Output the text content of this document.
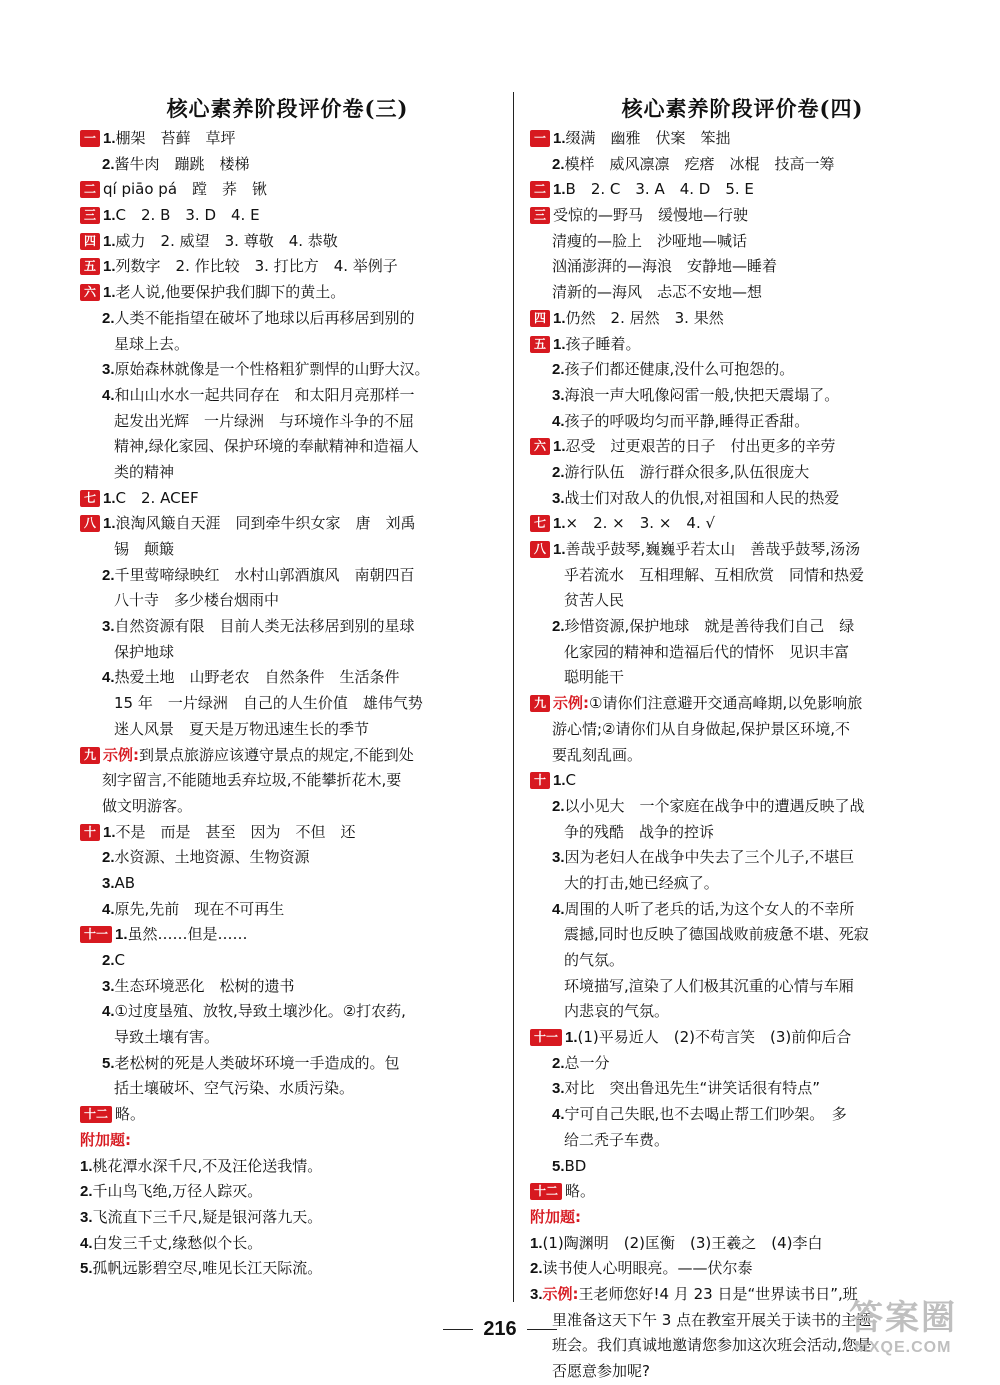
核心素养阶段评价卷(三)
一 1.棚架　苔藓　草坪
2.酱牛肉　蹦跳　楼梯
二 qí piāo pá　蹚　荞　锹
三 1.C　2. B　3. D　4. E
四 1.威力　2. 威望　3. 尊敬　4. 恭敬
五 1.列数字　2. 作比较　3. 打比方　4. 举例子
六 1.老人说,他要保护我们脚下的黄土。
2.人类不能指望在破坏了地球以后再移居到别的
星球上去。
3.原始森林就像是一个性格粗犷剽悍的山野大汉。
4.和山山水水一起共同存在　和太阳月亮那样一
起发出光辉　一片绿洲　与环境作斗争的不屈
精神,绿化家园、保护环境的奉献精神和造福人
类的精神
七 1.C　2. ACEF
八 1.浪淘风簸自天涯　同到牵牛织女家　唐　刘禹
锡　颠簸
2.千里莺啼绿映红　水村山郭酒旗风　南朝四百
八十寺　多少楼台烟雨中
3.自然资源有限　目前人类无法移居到别的星球
保护地球
4.热爱土地　山野老农　自然条件　生活条件
15 年　一片绿洲　自己的人生价值　雄伟气势
迷人风景　夏天是万物迅速生长的季节
九 示例:到景点旅游应该遵守景点的规定,不能到处
刻字留言,不能随地丢弃垃圾,不能攀折花木,要
做文明游客。
十 1.不是　而是　甚至　因为　不但　还
2.水资源、土地资源、生物资源
3.AB
4.原先,先前　现在不可再生
十一 1.虽然……但是……
2.C
3.生态环境恶化　松树的遗书
4.①过度垦殖、放牧,导致土壤沙化。②打农药,
导致土壤有害。
5.老松树的死是人类破坏环境一手造成的。包
括土壤破坏、空气污染、水质污染。
十二 略。
附加题:
1.桃花潭水深千尺,不及汪伦送我情。
2.千山鸟飞绝,万径人踪灭。
3.飞流直下三千尺,疑是银河落九天。
4.白发三千丈,缘愁似个长。
5.孤帆远影碧空尽,唯见长江天际流。
核心素养阶段评价卷(四)
一 1.缀满　幽雅　伏案　笨拙
2.模样　威风凛凛　疙瘩　冰棍　技高一筹
二 1.B　2. C　3. A　4. D　5. E
三 受惊的—野马　缓慢地—行驶
清瘦的—脸上　沙哑地—喊话
汹涌澎湃的—海浪　安静地—睡着
清新的—海风　忐忑不安地—想
四 1.仍然　2. 居然　3. 果然
五 1.孩子睡着。
2.孩子们都还健康,没什么可抱怨的。
3.海浪一声大吼像闷雷一般,快把天震塌了。
4.孩子的呼吸均匀而平静,睡得正香甜。
六 1.忍受　过更艰苦的日子　付出更多的辛劳
2.游行队伍　游行群众很多,队伍很庞大
3.战士们对敌人的仇恨,对祖国和人民的热爱
七 1.×　2. ×　3. ×　4. √
八 1.善哉乎鼓琴,巍巍乎若太山　善哉乎鼓琴,汤汤
乎若流水　互相理解、互相欣赏　同情和热爱
贫苦人民
2.珍惜资源,保护地球　就是善待我们自己　绿
化家园的精神和造福后代的情怀　见识丰富
聪明能干
九 示例:①请你们注意避开交通高峰期,以免影响旅
游心情;②请你们从自身做起,保护景区环境,不
要乱刻乱画。
十 1.C
2.以小见大　一个家庭在战争中的遭遇反映了战
争的残酷　战争的控诉
3.因为老妇人在战争中失去了三个儿子,不堪巨
大的打击,她已经疯了。
4.周围的人听了老兵的话,为这个女人的不幸所
震撼,同时也反映了德国战败前疲惫不堪、死寂
的气氛。
环境描写,渲染了人们极其沉重的心情与车厢
内悲哀的气氛。
十一 1.(1)平易近人　(2)不苟言笑　(3)前仰后合
2.总一分
3.对比　突出鲁迅先生“讲笑话很有特点”
4.宁可自己失眠,也不去喝止帮工们吵架。　多
给二秃子车费。
5.BD
十二 略。
附加题:
1.(1)陶渊明　(2)匡衡　(3)王羲之　(4)李白
2.读书使人心明眼亮。——伏尔泰
3.示例:王老师您好!4 月 23 日是“世界读书日”,班
里准备这天下午 3 点在教室开展关于读书的主题
班会。我们真诚地邀请您参加这次班会活动,您是
否愿意参加呢?
216	答案圈
MXQE.COM
